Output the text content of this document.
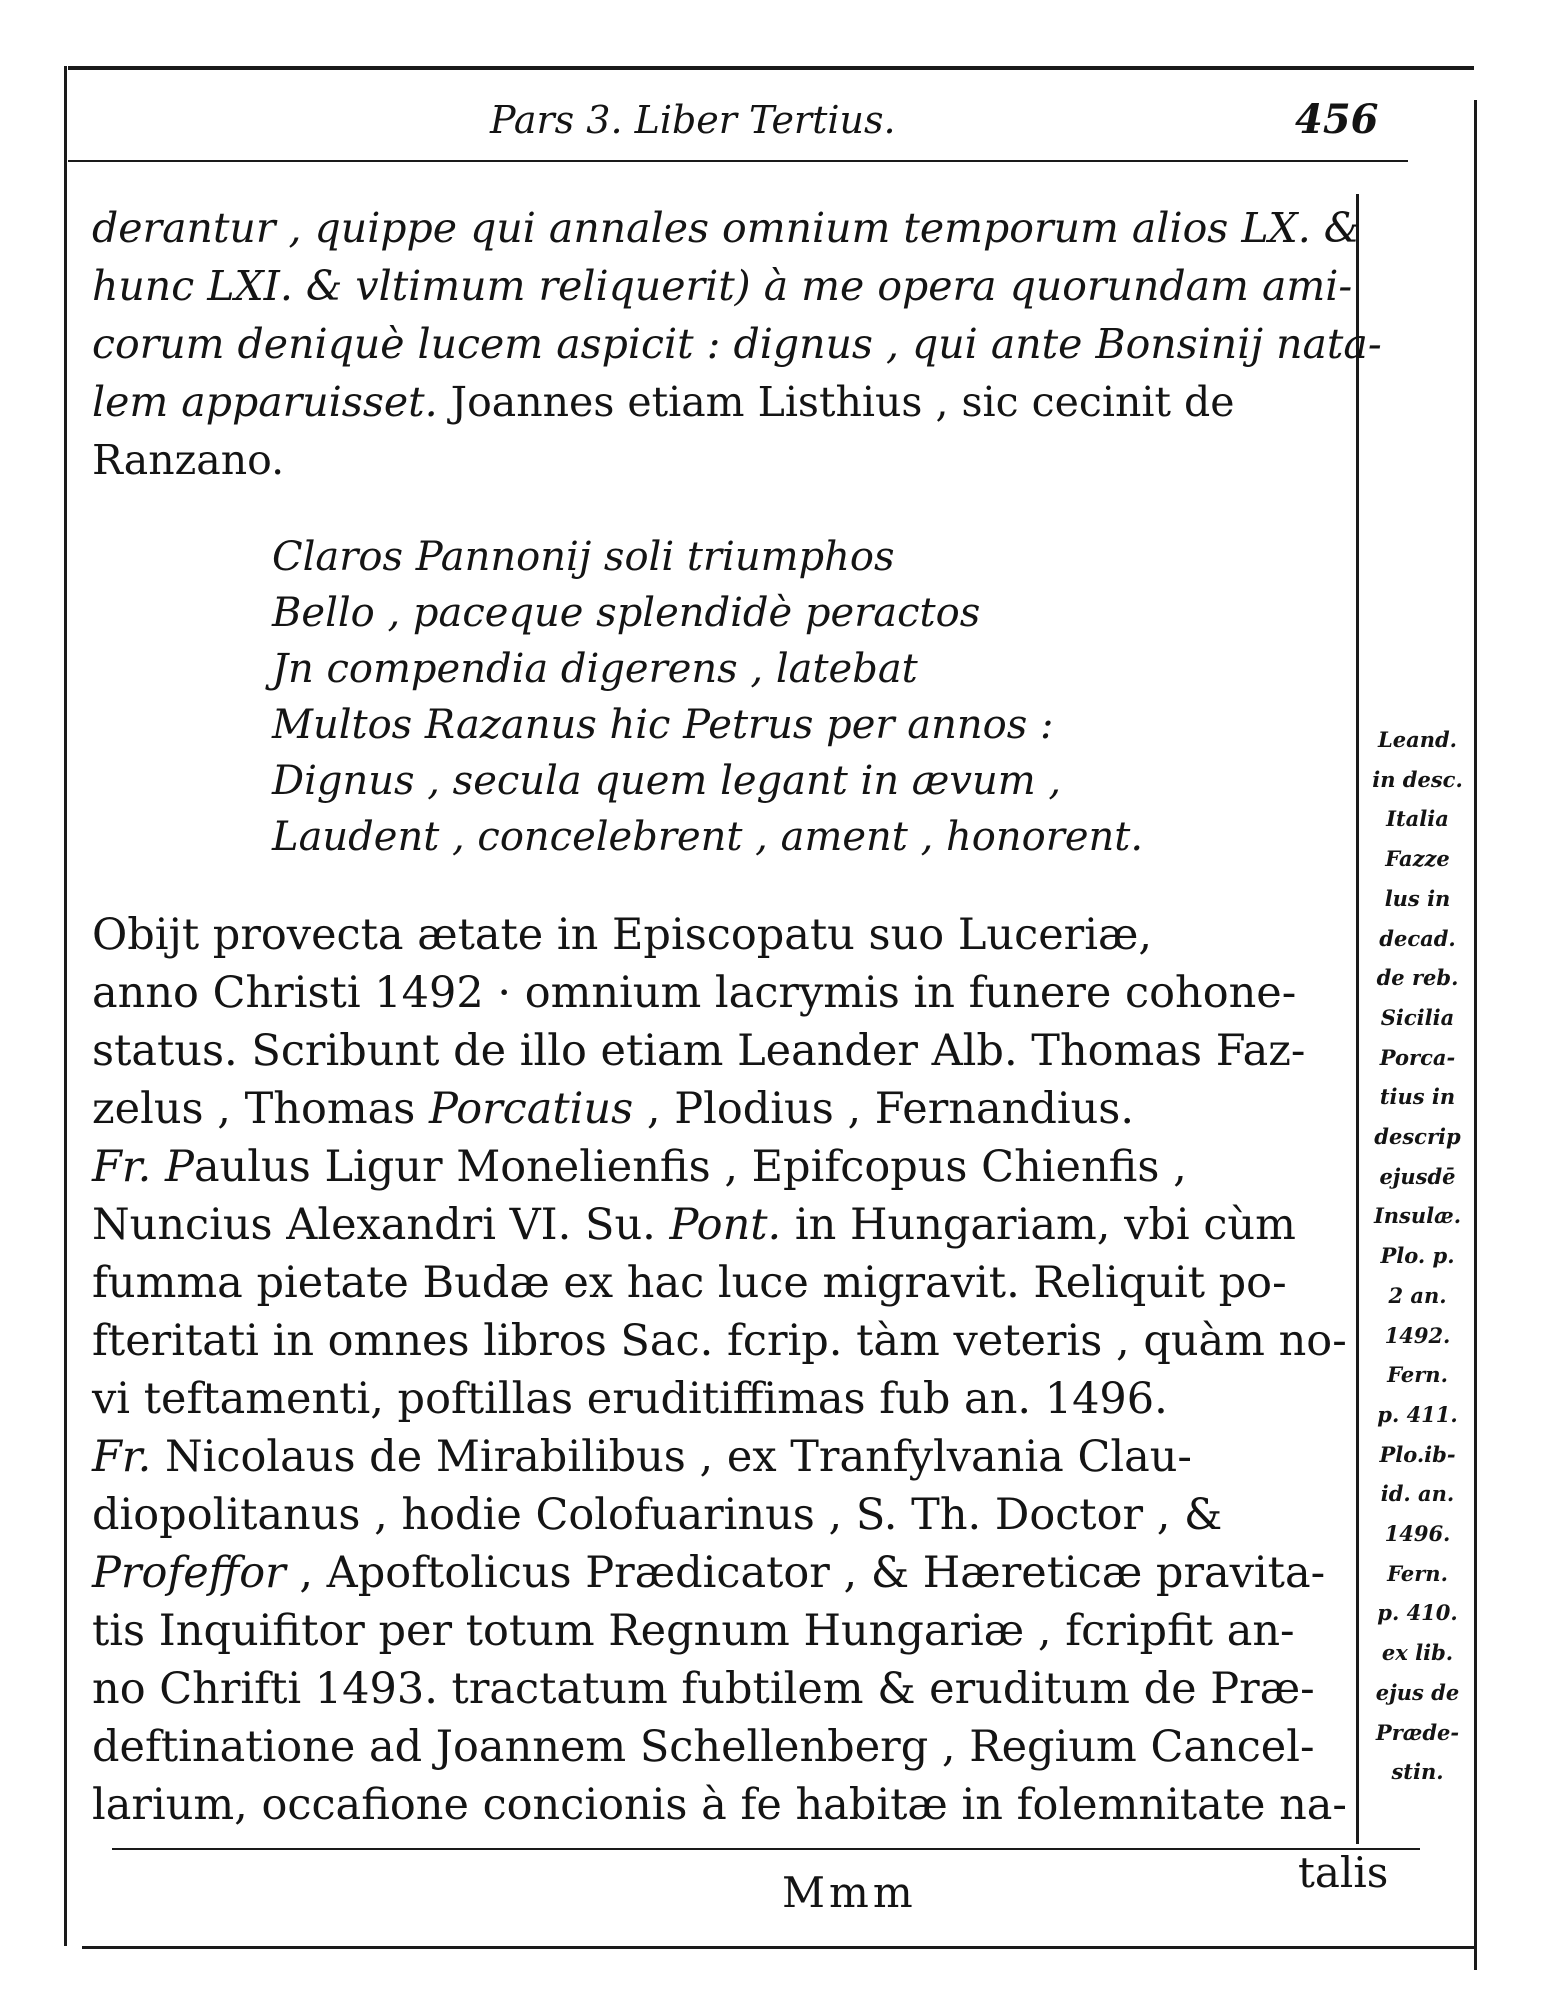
Pars 3. Liber Tertius.	456
derantur , quippe qui annales omnium temporum alios LX. &
hunc LXI. & vltimum reliquerit) à me opera quorundam ami-
corum deniquè lucem aspicit : dignus , qui ante Bonsinij nata-
lem apparuisset. Joannes etiam Listhius , sic cecinit de
Ranzano.
Claros Pannonij soli triumphos
Bello , paceque splendidè peractos
Jn compendia digerens , latebat
Multos Razanus hic Petrus per annos :
Dignus , secula quem legant in ævum ,
Laudent , concelebrent , ament , honorent.
Obijt provecta ætate in Episcopatu suo Luceriæ,
anno Christi 1492 · omnium lacrymis in funere cohone-
status. Scribunt de illo etiam Leander Alb. Thomas Faz-
zelus , Thomas Porcatius , Plodius , Fernandius.
Fr. Paulus Ligur Monelienfis , Epifcopus Chienfis ,
Nuncius Alexandri VI. Su. Pont. in Hungariam, vbi cùm
fumma pietate Budæ ex hac luce migravit. Reliquit po-
fteritati in omnes libros Sac. fcrip. tàm veteris , quàm no-
vi teftamenti, poftillas eruditiffimas fub an. 1496.
Fr. Nicolaus de Mirabilibus , ex Tranfylvania Clau-
diopolitanus , hodie Colofuarinus , S. Th. Doctor , &
Profeffor , Apoftolicus Prædicator , & Hæreticæ pravita-
tis Inquifitor per totum Regnum Hungariæ , fcripfit an-
no Chrifti 1493. tractatum fubtilem & eruditum de Præ-
deftinatione ad Joannem Schellenberg , Regium Cancel-
larium, occafione concionis à fe habitæ in folemnitate na-
Leand.
in desc.
Italia
Fazze
lus in
decad.
de reb.
Sicilia
Porca-
tius in
descrip
ejusdē
Insulæ.
Plo. p.
2 an.
1492.
Fern.
p. 411.
Plo.ib-
id. an.
1496.
Fern.
p. 410.
ex lib.
ejus de
Præde-
stin.
Mmm	talis
